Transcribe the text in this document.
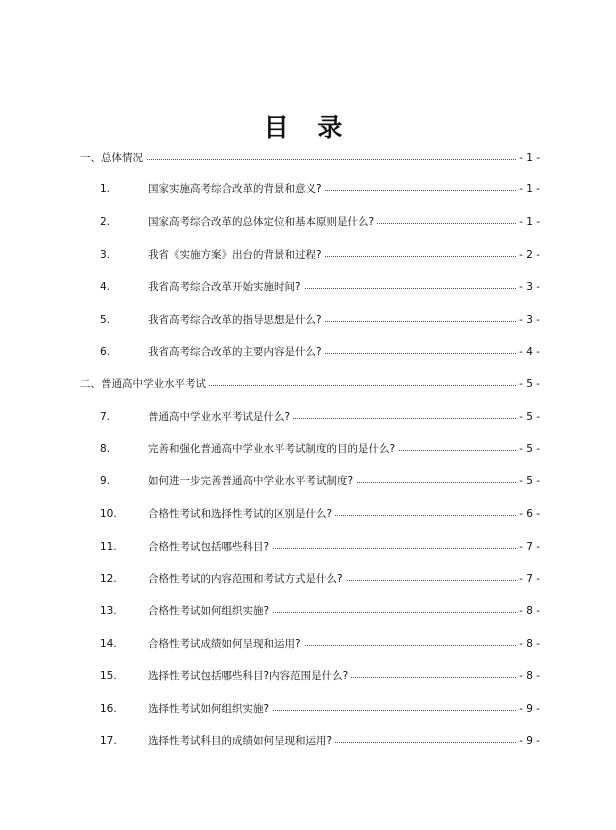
目 录
一、总体情况	- 1 -
1.	国家实施高考综合改革的背景和意义?	- 1 -
2.	国家高考综合改革的总体定位和基本原则是什么?	- 1 -
3.	我省《实施方案》出台的背景和过程?	- 2 -
4.	我省高考综合改革开始实施时间?	- 3 -
5.	我省高考综合改革的指导思想是什么?	- 3 -
6.	我省高考综合改革的主要内容是什么?	- 4 -
二、普通高中学业水平考试	- 5 -
7.	普通高中学业水平考试是什么?	- 5 -
8.	完善和强化普通高中学业水平考试制度的目的是什么?	- 5 -
9.	如何进一步完善普通高中学业水平考试制度?	- 5 -
10.	合格性考试和选择性考试的区别是什么?	- 6 -
11.	合格性考试包括哪些科目?	- 7 -
12.	合格性考试的内容范围和考试方式是什么?	- 7 -
13.	合格性考试如何组织实施?	- 8 -
14.	合格性考试成绩如何呈现和运用?	- 8 -
15.	选择性考试包括哪些科目?内容范围是什么?	- 8 -
16.	选择性考试如何组织实施?	- 9 -
17.	选择性考试科目的成绩如何呈现和运用?	- 9 -
